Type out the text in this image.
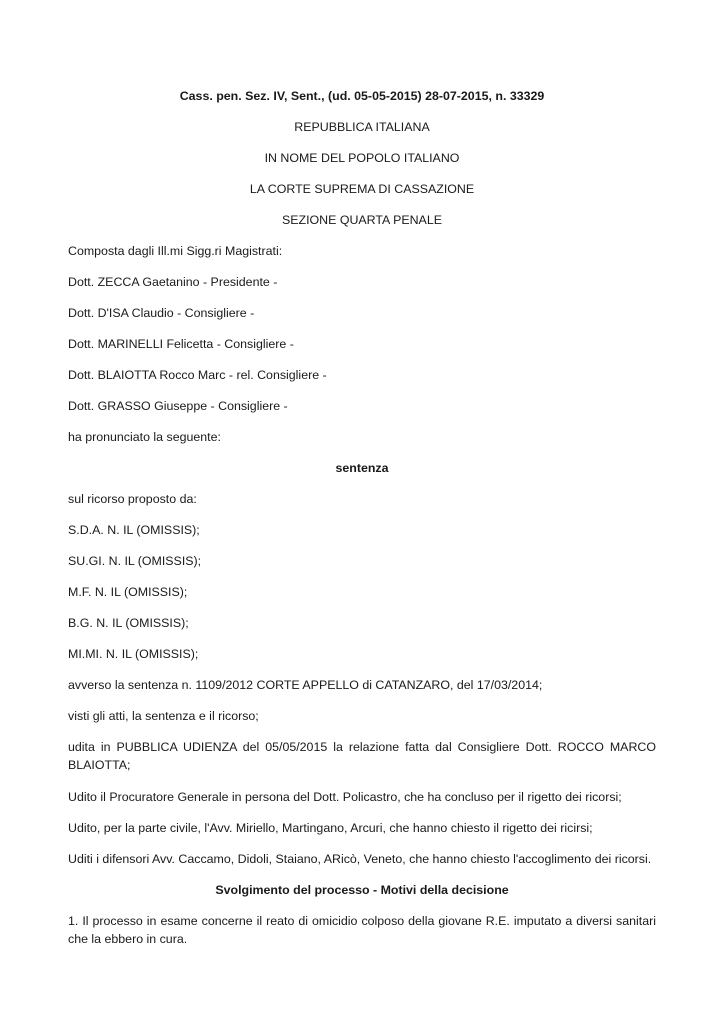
Cass. pen. Sez. IV, Sent., (ud. 05-05-2015) 28-07-2015, n. 33329
REPUBBLICA ITALIANA
IN NOME DEL POPOLO ITALIANO
LA CORTE SUPREMA DI CASSAZIONE
SEZIONE QUARTA PENALE
Composta dagli Ill.mi Sigg.ri Magistrati:
Dott. ZECCA Gaetanino - Presidente -
Dott. D'ISA Claudio - Consigliere -
Dott. MARINELLI Felicetta - Consigliere -
Dott. BLAIOTTA Rocco Marc - rel. Consigliere -
Dott. GRASSO Giuseppe - Consigliere -
ha pronunciato la seguente:
sentenza
sul ricorso proposto da:
S.D.A. N. IL (OMISSIS);
SU.GI. N. IL (OMISSIS);
M.F. N. IL (OMISSIS);
B.G. N. IL (OMISSIS);
MI.MI. N. IL (OMISSIS);
avverso la sentenza n. 1109/2012 CORTE APPELLO di CATANZARO, del 17/03/2014;
visti gli atti, la sentenza e il ricorso;
udita in PUBBLICA UDIENZA del 05/05/2015 la relazione fatta dal Consigliere Dott. ROCCO MARCO BLAIOTTA;
Udito il Procuratore Generale in persona del Dott. Policastro, che ha concluso per il rigetto dei ricorsi;
Udito, per la parte civile, l'Avv. Miriello, Martingano, Arcuri, che hanno chiesto il rigetto dei ricirsi;
Uditi i difensori Avv. Caccamo, Didoli, Staiano, ARicò, Veneto, che hanno chiesto l'accoglimento dei ricorsi.
Svolgimento del processo - Motivi della decisione
1. Il processo in esame concerne il reato di omicidio colposo della giovane R.E. imputato a diversi sanitari che la ebbero in cura.
